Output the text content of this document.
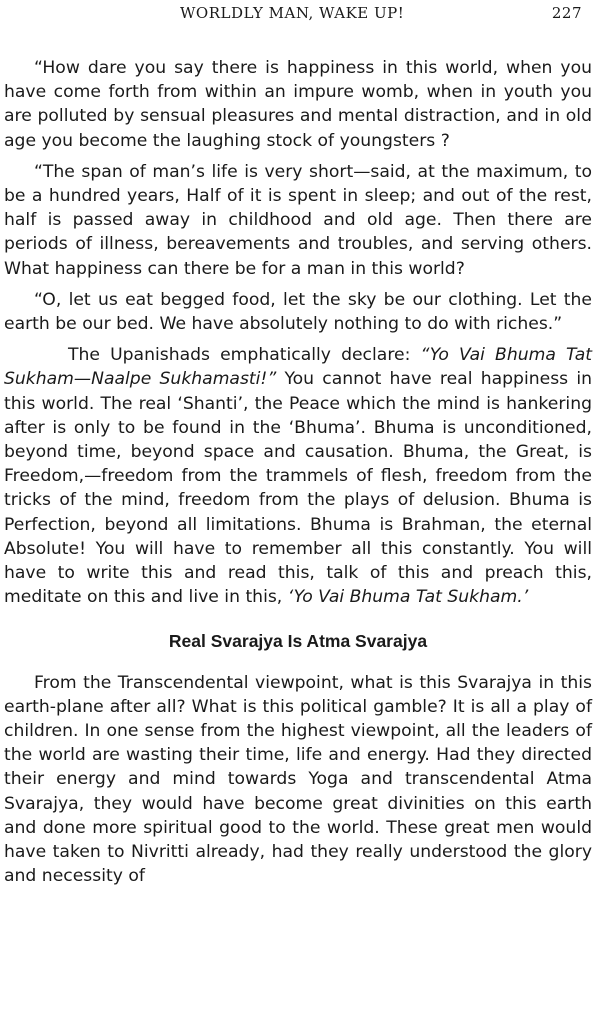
WORLDLY MAN, WAKE UP!	227

“How dare you say there is happiness in this world, when you have come forth from within an impure womb, when in youth you are polluted by sensual pleasures and mental distraction, and in old age you become the laughing stock of youngsters ?

“The span of man’s life is very short—said, at the maximum, to be a hundred years, Half of it is spent in sleep; and out of the rest, half is passed away in childhood and old age. Then there are periods of illness, bereavements and troubles, and serving others. What happiness can there be for a man in this world?

“O, let us eat begged food, let the sky be our clothing. Let the earth be our bed. We have absolutely nothing to do with riches.”

The Upanishads emphatically declare: “Yo Vai Bhuma Tat Sukham—Naalpe Sukhamasti!” You cannot have real happiness in this world. The real ‘Shanti’, the Peace which the mind is hankering after is only to be found in the ‘Bhuma’. Bhuma is unconditioned, beyond time, beyond space and causation. Bhuma, the Great, is Freedom,—freedom from the trammels of flesh, freedom from the tricks of the mind, freedom from the plays of delusion. Bhuma is Perfection, beyond all limitations. Bhuma is Brahman, the eternal Absolute! You will have to remember all this constantly. You will have to write this and read this, talk of this and preach this, meditate on this and live in this, ‘Yo Vai Bhuma Tat Sukham.’

Real Svarajya Is Atma Svarajya

From the Transcendental viewpoint, what is this Svarajya in this earth-plane after all? What is this political gamble? It is all a play of children. In one sense from the highest viewpoint, all the leaders of the world are wasting their time, life and energy. Had they directed their energy and mind towards Yoga and transcendental Atma Svarajya, they would have become great divinities on this earth and done more spiritual good to the world. These great men would have taken to Nivritti already, had they really understood the glory and necessity of
